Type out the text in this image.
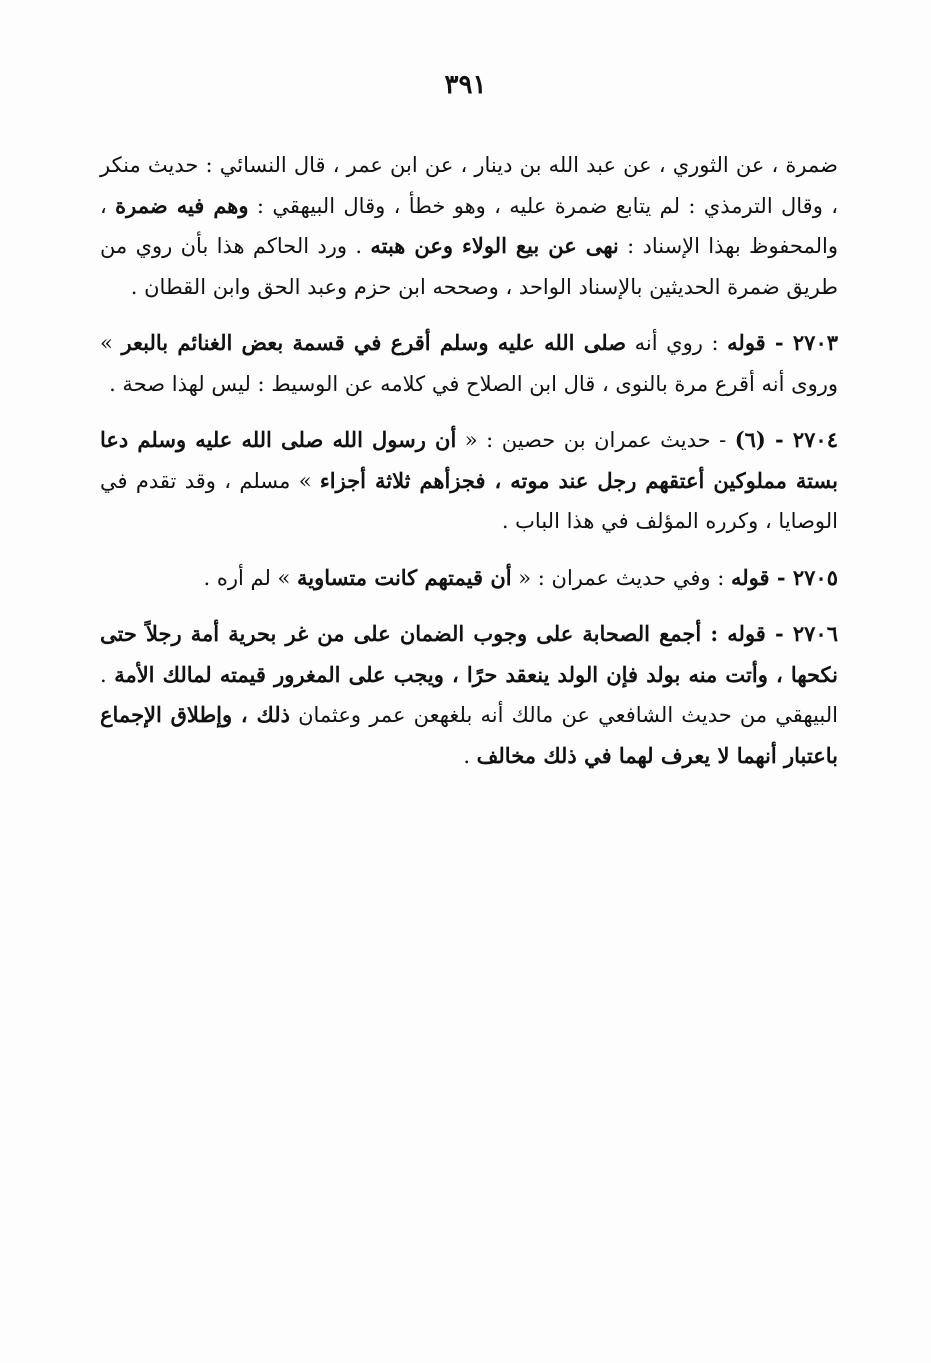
٣٩١

ضمرة ، عن الثوري ، عن عبد الله بن دينار ، عن ابن عمر ، قال النسائي : حديث منكر ، وقال الترمذي : لم يتابع ضمرة عليه ، وهو خطأ ، وقال البيهقي : وهم فيه ضمرة ، والمحفوظ بهذا الإسناد : نهى عن بيع الولاء وعن هبته . ورد الحاكم هذا بأن روي من طريق ضمرة الحديثين بالإسناد الواحد ، وصححه ابن حزم وعبد الحق وابن القطان .

٢٧٠٣ - قوله : روي أنه صلى الله عليه وسلم أقرع في قسمة بعض الغنائم بالبعر » وروى أنه أقرع مرة بالنوى ، قال ابن الصلاح في كلامه عن الوسيط : ليس لهذا صحة .

٢٧٠٤ - (٦) - حديث عمران بن حصين : « أن رسول الله صلى الله عليه وسلم دعا بستة مملوكين أعتقهم رجل عند موته ، فجزأهم ثلاثة أجزاء » مسلم ، وقد تقدم في الوصايا ، وكرره المؤلف في هذا الباب .

٢٧٠٥ - قوله : وفي حديث عمران : « أن قيمتهم كانت متساوية » لم أره .

٢٧٠٦ - قوله : أجمع الصحابة على وجوب الضمان على من غر بحرية أمة رجلاً حتى نكحها ، وأتت منه بولد فإن الولد ينعقد حرًا ، ويجب على المغرور قيمته لمالك الأمة . البيهقي من حديث الشافعي عن مالك أنه بلغهعن عمر وعثمان ذلك ، وإطلاق الإجماع باعتبار أنهما لا يعرف لهما في ذلك مخالف .
